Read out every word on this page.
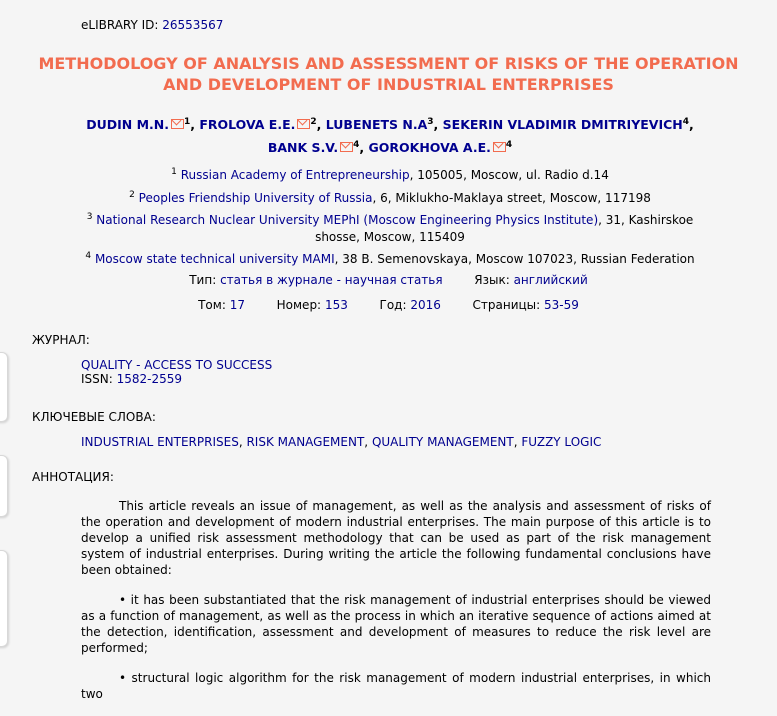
eLIBRARY ID: 26553567
METHODOLOGY OF ANALYSIS AND ASSESSMENT OF RISKS OF THE OPERATION
AND DEVELOPMENT OF INDUSTRIAL ENTERPRISES
DUDIN M.N. $^1$, FROLOVA E.E. $^2$, LUBENETS $N.A^3$, SEKERIN VLADIMIR DMITRIYEVICH$^4$,
BANK S.V. $^4$, GOROKHOVA A.E. $^4$
$^1$ Russian Academy of Entrepreneurship, 105005, Moscow, ul. Radio d.14
$^2$ Peoples Friendship University of Russia, 6, Miklukho-Maklaya street, Moscow, 117198
$^3$ National Research Nuclear University MEPhI (Moscow Engineering Physics Institute), 31, Kashirskoe shosse, Moscow, 115409
$^4$ Moscow state technical university MAMI, 38 B. Semenovskaya, Moscow 107023, Russian Federation
Тип: статья в журнале - научная статья	Язык: английский
Том: 17	Номер: 153	Год: 2016	Страницы: 53-59
ЖУРНАЛ:
QUALITY - ACCESS TO SUCCESS
ISSN: 1582-2559
КЛЮЧЕВЫЕ СЛОВА:
INDUSTRIAL ENTERPRISES, RISK MANAGEMENT, QUALITY MANAGEMENT, FUZZY LOGIC
АННОТАЦИЯ:

This article reveals an issue of management, as well as the analysis and assessment of risks of the operation and development of modern industrial enterprises. The main purpose of this article is to develop a unified risk assessment methodology that can be used as part of the risk management system of industrial enterprises. During writing the article the following fundamental conclusions have been obtained:

• it has been substantiated that the risk management of industrial enterprises should be viewed as a function of management, as well as the process in which an iterative sequence of actions aimed at the detection, identification, assessment and development of measures to reduce the risk level are performed;

• structural logic algorithm for the risk management of modern industrial enterprises, in which two
